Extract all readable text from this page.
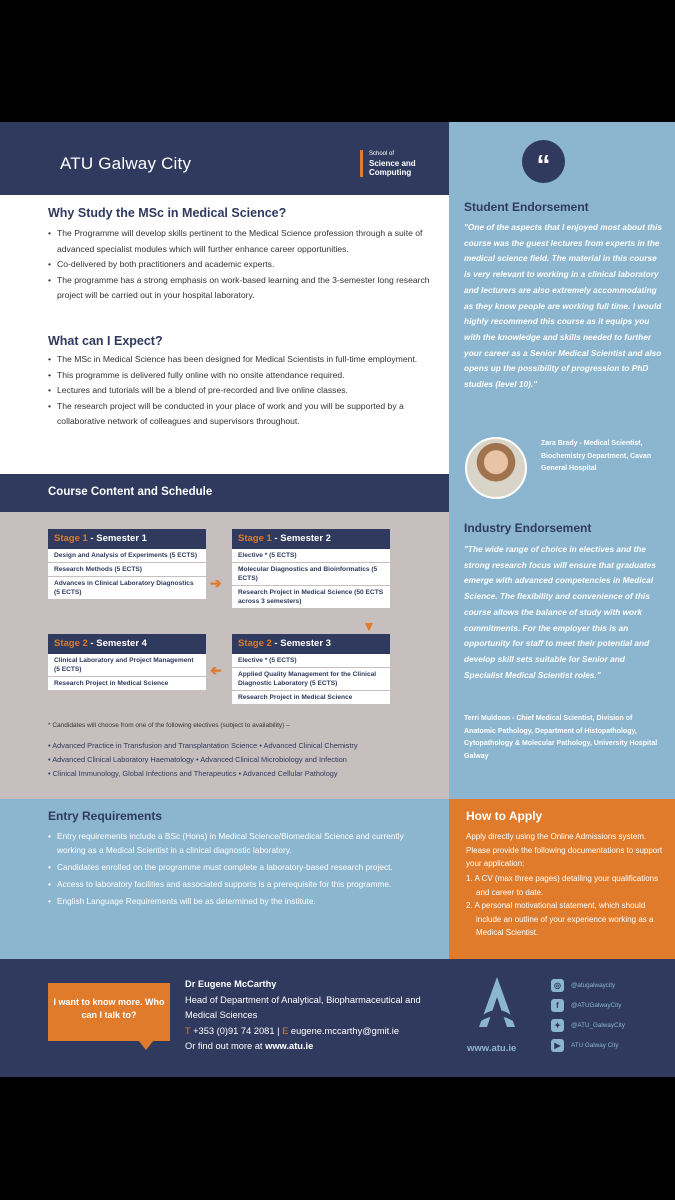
ATU Galway City	School of
Science and
Computing
Why Study the MSc in Medical Science?
• The Programme will develop skills pertinent to the Medical Science profession through a suite of advanced specialist modules which will further enhance career opportunities.
• Co-delivered by both practitioners and academic experts.
• The programme has a strong emphasis on work-based learning and the 3-semester long research project will be carried out in your hospital laboratory.
What can I Expect?
• The MSc in Medical Science has been designed for Medical Scientists in full-time employment.
• This programme is delivered fully online with no onsite attendance required.
• Lectures and tutorials will be a blend of pre-recorded and live online classes.
• The research project will be conducted in your place of work and you will be supported by a collaborative network of colleagues and supervisors throughout.
Course Content and Schedule
Stage 1 - Semester 1
Design and Analysis of Experiments (5 ECTS)
Research Methods (5 ECTS)
Advances in Clinical Laboratory Diagnostics (5 ECTS)
➔
Stage 1 - Semester 2
Elective * (5 ECTS)
Molecular Diagnostics and Bioinformatics (5 ECTS)
Research Project in Medical Science (50 ECTS across 3 semesters)
▼
Stage 2 - Semester 4
Clinical Laboratory and Project Management (5 ECTS)
Research Project in Medical Science
➔
Stage 2 - Semester 3
Elective * (5 ECTS)
Applied Quality Management for the Clinical Diagnostic Laboratory (5 ECTS)
Research Project in Medical Science
* Candidates will choose from one of the following electives (subject to availability) –
• Advanced Practice in Transfusion and Transplantation Science • Advanced Clinical Chemistry
• Advanced Clinical Laboratory Haematology • Advanced Clinical Microbiology and Infection
• Clinical Immunology, Global Infections and Therapeutics • Advanced Cellular Pathology
“
Student Endorsement
"One of the aspects that I enjoyed most about this course was the guest lectures from experts in the medical science field. The material in this course is very relevant to working in a clinical laboratory and lecturers are also extremely accommodating as they know people are working full time. I would highly recommend this course as it equips you with the knowledge and skills needed to further your career as a Senior Medical Scientist and also opens up the possibility of progression to PhD studies (level 10)."
Zara Brady - Medical Scientist, Biochemistry Department, Cavan General Hospital
Industry Endorsement
"The wide range of choice in electives and the strong research focus will ensure that graduates emerge with advanced competencies in Medical Science. The flexibility and convenience of this course allows the balance of study with work commitments. For the employer this is an opportunity for staff to meet their potential and develop skill sets suitable for Senior and Specialist Medical Scientist roles."
Terri Muldoon - Chief Medical Scientist, Division of Anatomic Pathology, Department of Histopathology, Cytopathology & Molecular Pathology, University Hospital Galway
Entry Requirements
• Entry requirements include a BSc (Hons) in Medical Science/Biomedical Science and currently working as a Medical Scientist in a clinical diagnostic laboratory.
• Candidates enrolled on the programme must complete a laboratory-based research project.
• Access to laboratory facilities and associated supports is a prerequisite for this programme.
• English Language Requirements will be as determined by the institute.
How to Apply
Apply directly using the Online Admissions system. Please provide the following documentations to support your application:
1. A CV (max three pages) detailing your qualifications and career to date.
2. A personal motivational statement, which should include an outline of your experience working as a Medical Scientist.
I want to know more. Who can I talk to?
Dr Eugene McCarthy
Head of Department of Analytical, Biopharmaceutical and Medical Sciences
T +353 (0)91 74 2081 | E eugene.mccarthy@gmit.ie
Or find out more at www.atu.ie	www.atu.ie
◎	@atugalwaycity
f	@ATUGalwayCity
✦	@ATU_GalwayCity
▶	ATU Galway City
